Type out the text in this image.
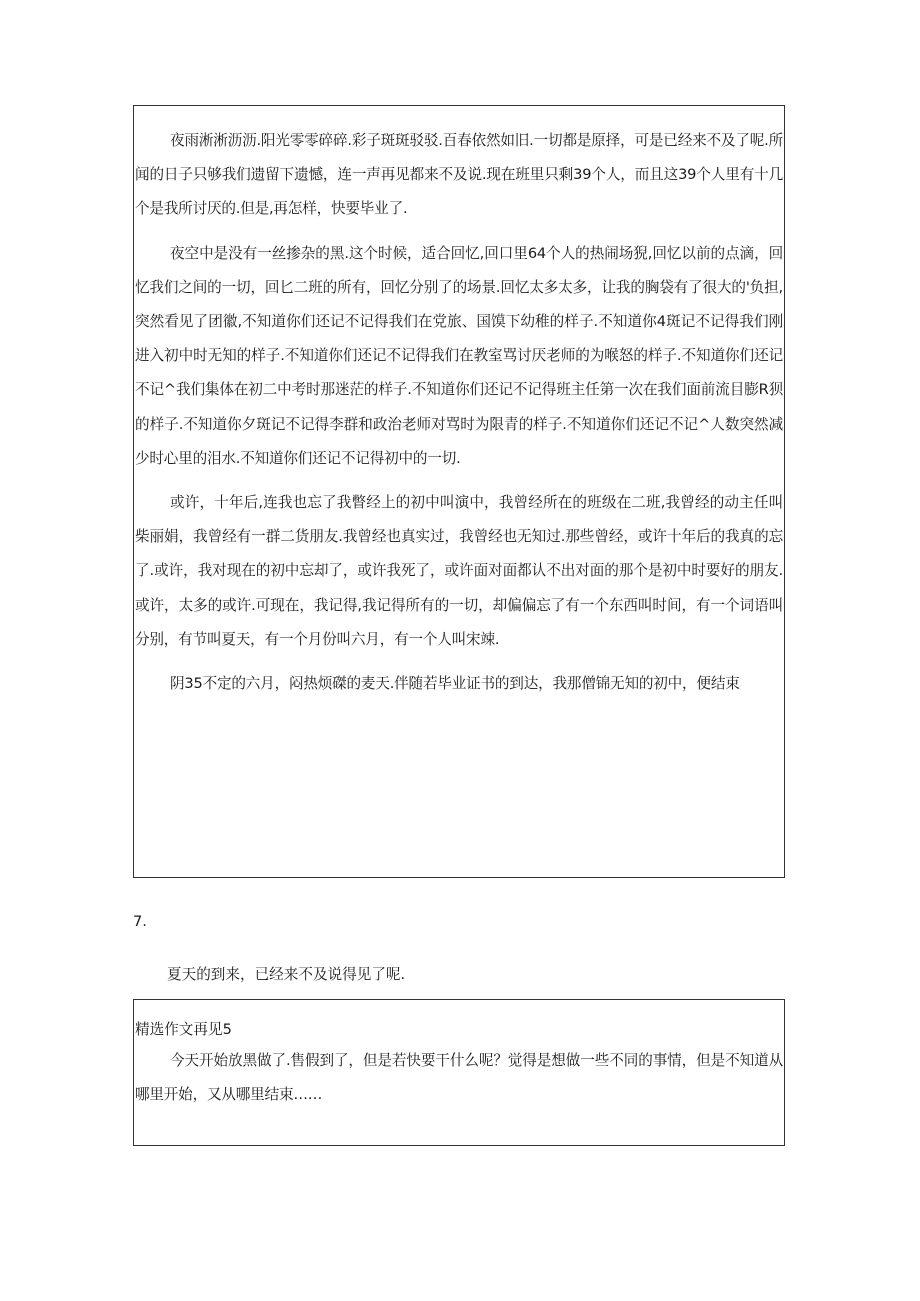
夜雨淅淅沥沥.阳光零零碎碎.彩子斑斑驳驳.百春依然如旧.一切都是原择，可是已经来不及了呢.所闻的日子只够我们遗留下遗憾，连一声再见都来不及说.现在班里只剩39个人，而且这39个人里有十几个是我所讨厌的.但是,再怎样，快要毕业了.

夜空中是没有一丝掺杂的黑.这个时候，适合回忆,回口里64个人的热闹场猊,回忆以前的点滴，回忆我们之间的一切，回匕二班的所有，回忆分别了的场景.回忆太多太多，让我的胸袋有了很大的'负担,突然看见了团徽,不知道你们还记不记得我们在党旅、国馍下幼稚的样子.不知道你4斑记不记得我们刚进入初中时无知的样子.不知道你们还记不记得我们在教室骂讨厌老师的为喉怒的样子.不知道你们还记不记^我们集体在初二中考时那迷茫的样子.不知道你们还记不记得班主任第一次在我们面前流目膨R狈的样子.不知道你夕斑记不记得李群和政治老师对骂时为限青的样子.不知道你们还记不记^人数突然减少时心里的泪水.不知道你们还记不记得初中的一切.

或许，十年后,连我也忘了我瞥经上的初中叫演中，我曾经所在的班级在二班,我曾经的动主任叫柴丽娟，我曾经有一群二货朋友.我曾经也真实过，我曾经也无知过.那些曾经，或许十年后的我真的忘了.或许，我对现在的初中忘却了，或许我死了，或许面对面都认不出对面的那个是初中时要好的朋友.或许，太多的或许.可现在，我记得,我记得所有的一切，却偏偏忘了有一个东西叫时间，有一个词语叫分别，有节叫夏天，有一个月份叫六月，有一个人叫宋竦.

阴35不定的六月，闷热烦磔的麦天.伴随若毕业证书的到达，我那僧锦无知的初中，便结束

7.
夏天的到来，已经来不及说得见了呢.

精选作文再见5

今天开始放黑做了.售假到了，但是若快要干什么呢？觉得是想做一些不同的事情，但是不知道从哪里开始，又从哪里结束……
